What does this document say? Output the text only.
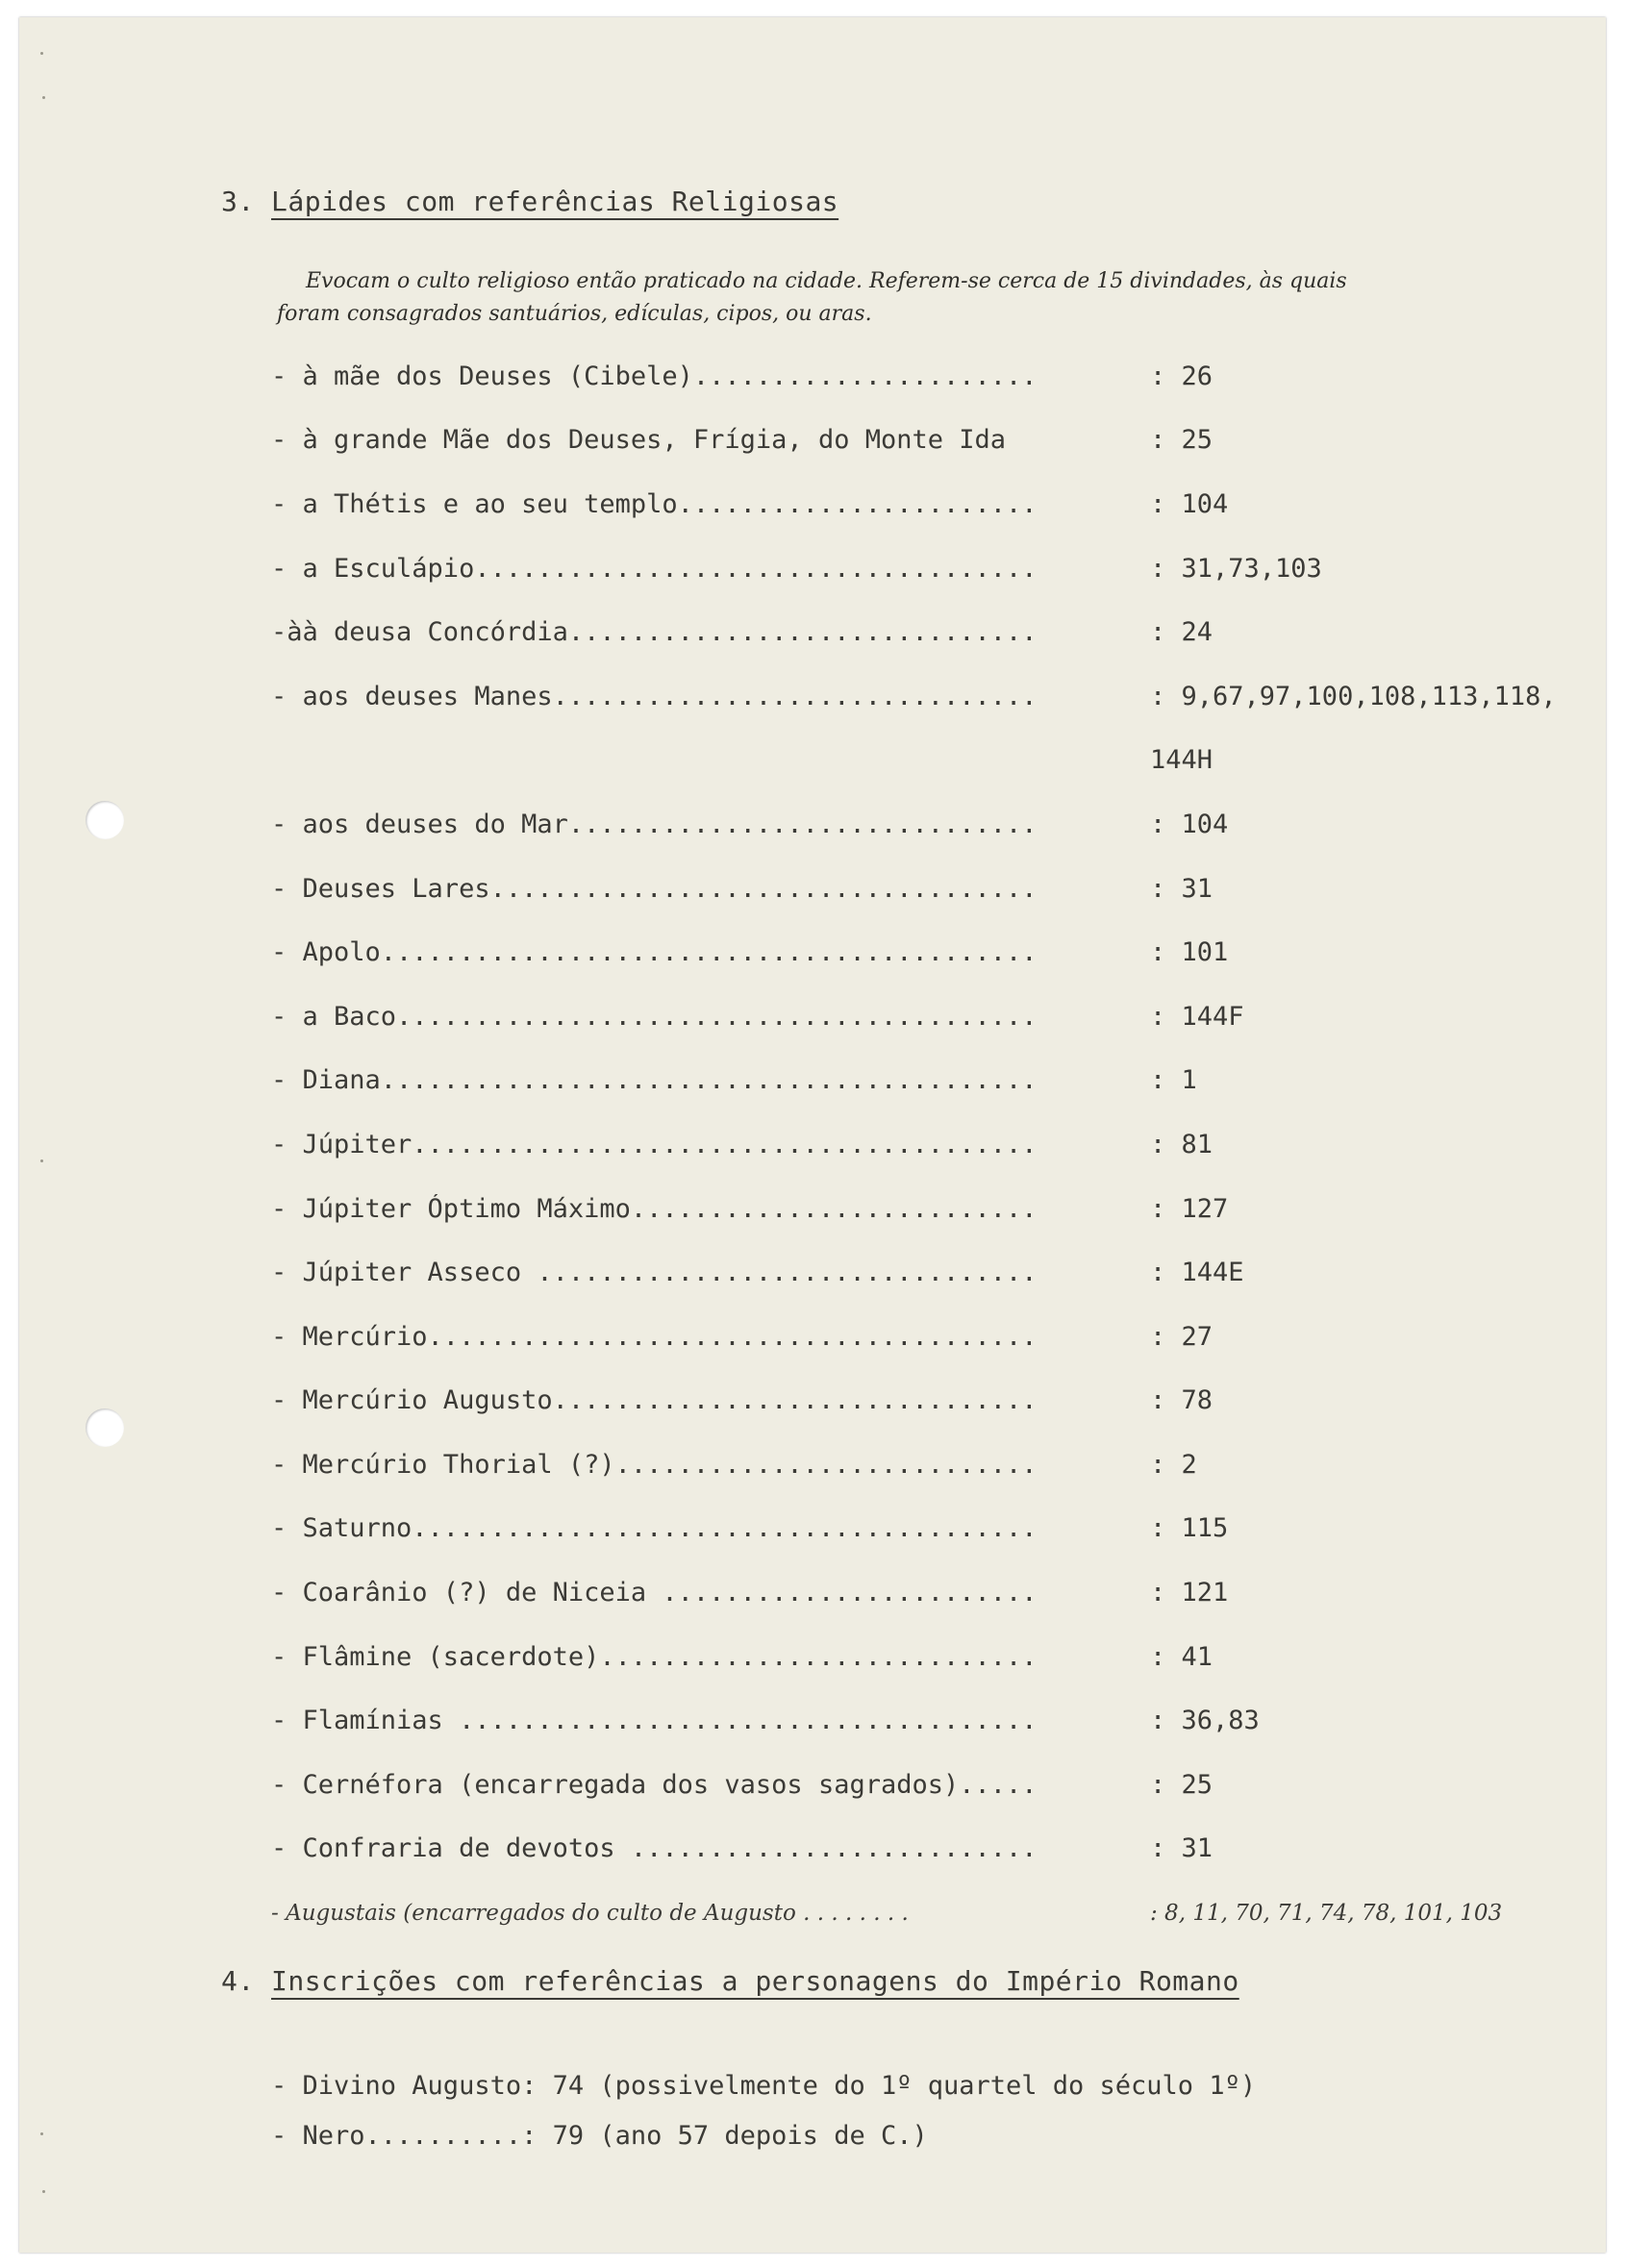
3. Lápides com referências Religiosas
Evocam o culto religioso então praticado na cidade. Referem-se cerca de 15 divindades, às quais
foram consagrados santuários, edículas, cipos, ou aras.
- à mãe dos Deuses (Cibele)......................	: 26
- à grande Mãe dos Deuses, Frígia, do Monte Ida	: 25
- a Thétis e ao seu templo.......................	: 104
- a Esculápio....................................	: 31,73,103
-àà deusa Concórdia..............................	: 24
- aos deuses Manes...............................	: 9,67,97,100,108,113,118,
144H
- aos deuses do Mar..............................	: 104
- Deuses Lares...................................	: 31
- Apolo..........................................	: 101
- a Baco.........................................	: 144F
- Diana..........................................	: 1
- Júpiter........................................	: 81
- Júpiter Óptimo Máximo..........................	: 127
- Júpiter Asseco ................................	: 144E
- Mercúrio.......................................	: 27
- Mercúrio Augusto...............................	: 78
- Mercúrio Thorial (?)...........................	: 2
- Saturno........................................	: 115
- Coarânio (?) de Niceia ........................	: 121
- Flâmine (sacerdote)............................	: 41
- Flamínias .....................................	: 36,83
- Cernéfora (encarregada dos vasos sagrados).....	: 25
- Confraria de devotos ..........................	: 31
- Augustais (encarregados do culto de Augusto . . . . . . . .	: 8, 11, 70, 71, 74, 78, 101, 103
4. Inscrições com referências a personagens do Império Romano
- Divino Augusto: 74 (possivelmente do 1º quartel do século 1º)
- Nero..........: 79 (ano 57 depois de C.)
